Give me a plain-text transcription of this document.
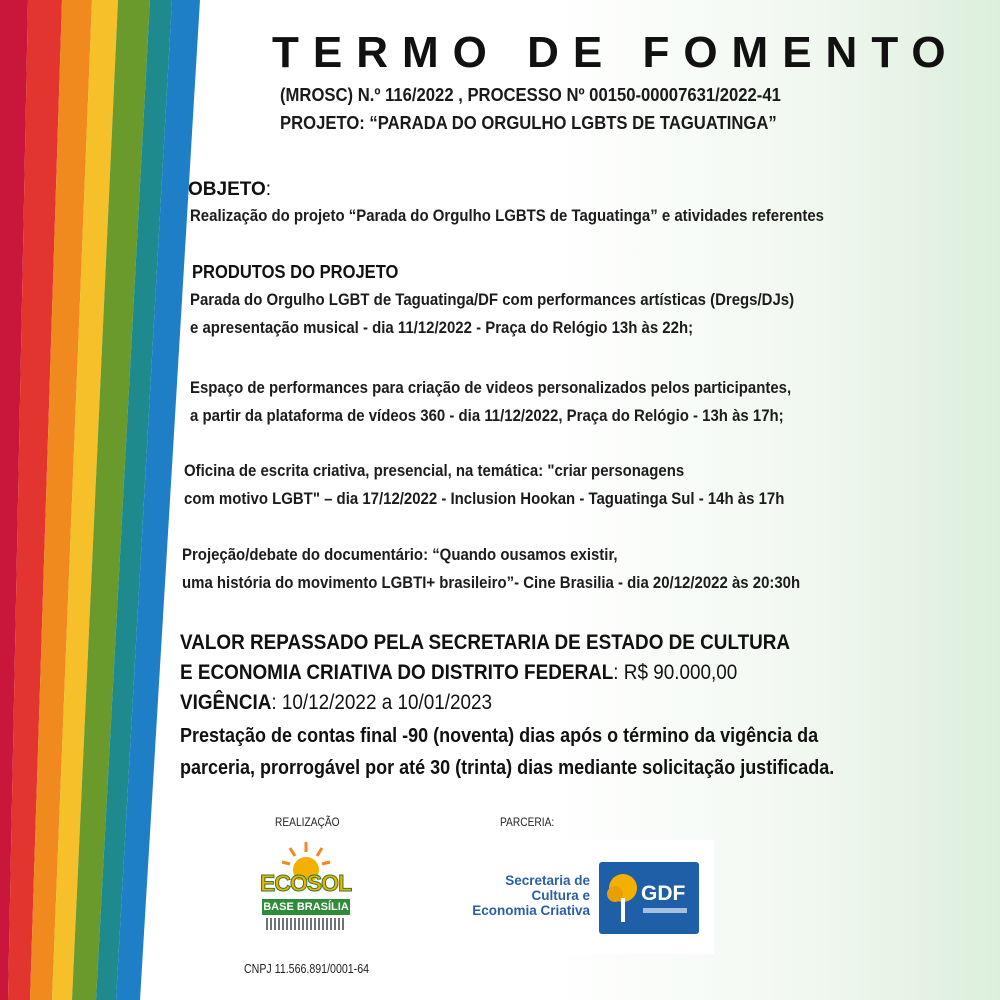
TERMO DE FOMENTO
(MROSC) N.º 116/2022 , PROCESSO Nº 00150-00007631/2022-41
PROJETO: “PARADA DO ORGULHO LGBTS DE TAGUATINGA”
OBJETO:
Realização do projeto “Parada do Orgulho LGBTS de Taguatinga” e atividades referentes
PRODUTOS DO PROJETO
Parada do Orgulho LGBT de Taguatinga/DF com performances artísticas (Dregs/DJs)
e apresentação musical - dia 11/12/2022 - Praça do Relógio 13h às 22h;
Espaço de performances para criação de videos personalizados pelos participantes,
a partir da plataforma de vídeos 360 - dia 11/12/2022, Praça do Relógio - 13h às 17h;
Oficina de escrita criativa, presencial, na temática: "criar personagens
com motivo LGBT" – dia 17/12/2022 - Inclusion Hookan - Taguatinga Sul - 14h às 17h
Projeção/debate do documentário: “Quando ousamos existir,
uma história do movimento LGBTI+ brasileiro”- Cine Brasilia - dia 20/12/2022 às 20:30h
VALOR REPASSADO PELA SECRETARIA DE ESTADO DE CULTURA
E ECONOMIA CRIATIVA DO DISTRITO FEDERAL: R$ 90.000,00
VIGÊNCIA: 10/12/2022 a 10/01/2023
Prestação de contas final -90 (noventa) dias após o término da vigência da
parceria, prorrogável por até 30 (trinta) dias mediante solicitação justificada.
REALIZAÇÃO	PARCERIA:
ECOSOL
BASE BRASÍLIA
CNPJ 11.566.891/0001-64
Secretaria de
Cultura e
Economia Criativa
GDF
